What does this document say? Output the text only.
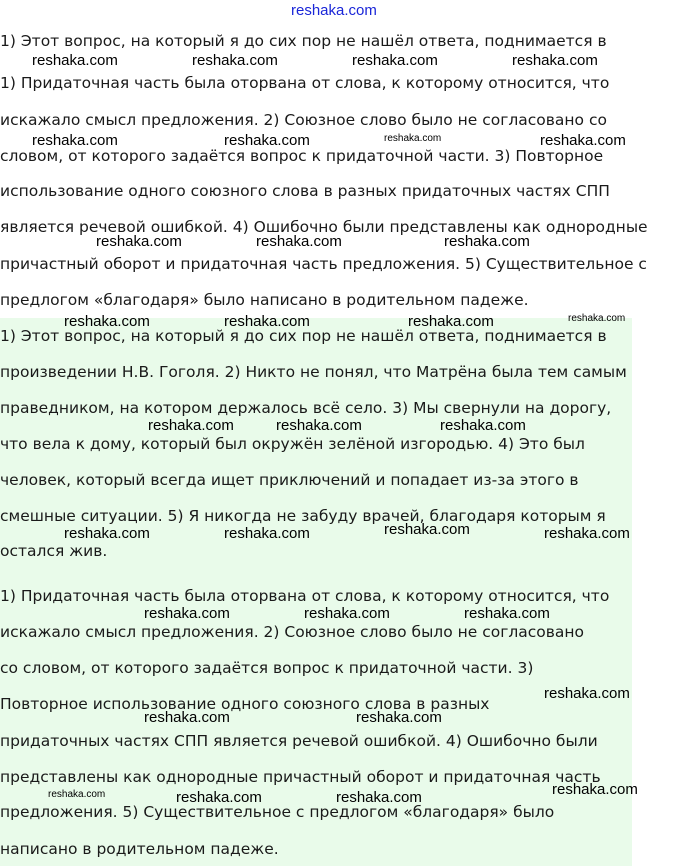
1) Этот вопрос, на который я до сих пор не нашёл ответа, поднимается в
1) Придаточная часть была оторвана от слова, к которому относится, что
искажало смысл предложения. 2) Союзное слово было не согласовано со
словом, от которого задаётся вопрос к придаточной части. 3) Повторное
использование одного союзного слова в разных придаточных частях СПП
является речевой ошибкой. 4) Ошибочно были представлены как однородные
причастный оборот и придаточная часть предложения. 5) Существительное с
предлогом «благодаря» было написано в родительном падеже.
1) Этот вопрос, на который я до сих пор не нашёл ответа, поднимается в
произведении Н.В. Гоголя. 2) Никто не понял, что Матрёна была тем самым
праведником, на котором держалось всё село. 3) Мы свернули на дорогу,
что вела к дому, который был окружён зелёной изгородью. 4) Это был
человек, который всегда ищет приключений и попадает из-за этого в
смешные ситуации. 5) Я никогда не забуду врачей, благодаря которым я
остался жив.
1) Придаточная часть была оторвана от слова, к которому относится, что
искажало смысл предложения. 2) Союзное слово было не согласовано
со словом, от которого задаётся вопрос к придаточной части. 3)
Повторное использование одного союзного слова в разных
придаточных частях СПП является речевой ошибкой. 4) Ошибочно были
представлены как однородные причастный оборот и придаточная часть
предложения. 5) Существительное с предлогом «благодаря» было
написано в родительном падеже.
reshaka.com
reshaka.com	reshaka.com	reshaka.com	reshaka.com
reshaka.com	reshaka.com	reshaka.com	reshaka.com
reshaka.com	reshaka.com	reshaka.com
reshaka.com	reshaka.com	reshaka.com	reshaka.com
reshaka.com	reshaka.com	reshaka.com
reshaka.com	reshaka.com	reshaka.com	reshaka.com
reshaka.com	reshaka.com	reshaka.com
reshaka.com
reshaka.com	reshaka.com
reshaka.com	reshaka.com
reshaka.com	reshaka.com
